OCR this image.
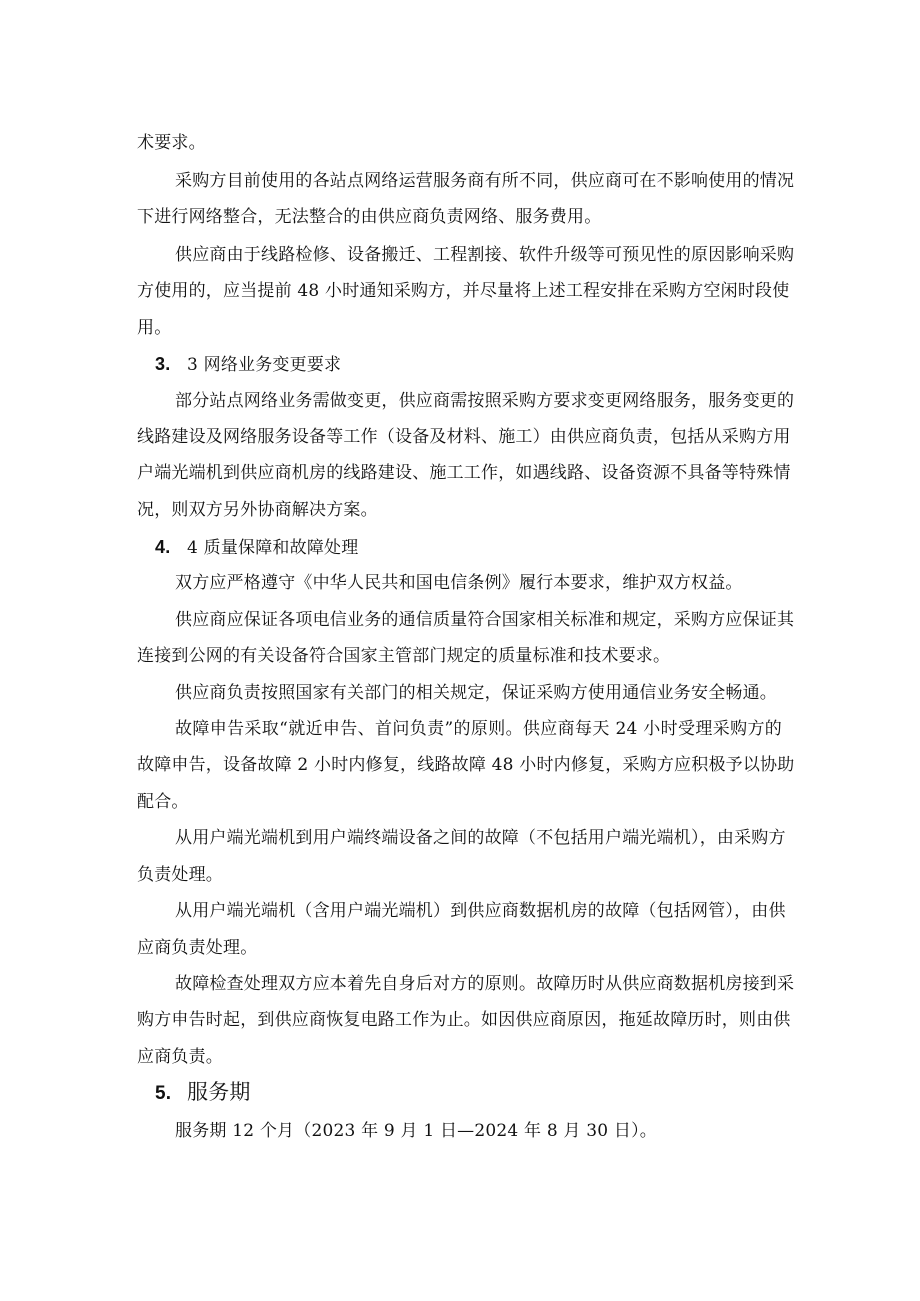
术要求。
采购方目前使用的各站点网络运营服务商有所不同，供应商可在不影响使用的情况
下进行网络整合，无法整合的由供应商负责网络、服务费用。
供应商由于线路检修、设备搬迁、工程割接、软件升级等可预见性的原因影响采购
方使用的，应当提前 48 小时通知采购方，并尽量将上述工程安排在采购方空闲时段使
用。
3. 3 网络业务变更要求
部分站点网络业务需做变更，供应商需按照采购方要求变更网络服务，服务变更的
线路建设及网络服务设备等工作（设备及材料、施工）由供应商负责，包括从采购方用
户端光端机到供应商机房的线路建设、施工工作，如遇线路、设备资源不具备等特殊情
况，则双方另外协商解决方案。
4. 4 质量保障和故障处理
双方应严格遵守《中华人民共和国电信条例》履行本要求，维护双方权益。
供应商应保证各项电信业务的通信质量符合国家相关标准和规定，采购方应保证其
连接到公网的有关设备符合国家主管部门规定的质量标准和技术要求。
供应商负责按照国家有关部门的相关规定，保证采购方使用通信业务安全畅通。
故障申告采取“就近申告、首问负责”的原则。供应商每天 24 小时受理采购方的
故障申告，设备故障 2 小时内修复，线路故障 48 小时内修复，采购方应积极予以协助
配合。
从用户端光端机到用户端终端设备之间的故障（不包括用户端光端机），由采购方
负责处理。
从用户端光端机（含用户端光端机）到供应商数据机房的故障（包括网管），由供
应商负责处理。
故障检查处理双方应本着先自身后对方的原则。故障历时从供应商数据机房接到采
购方申告时起，到供应商恢复电路工作为止。如因供应商原因，拖延故障历时，则由供
应商负责。
5. 服务期
服务期 12 个月（2023 年 9 月 1 日—2024 年 8 月 30 日）。
